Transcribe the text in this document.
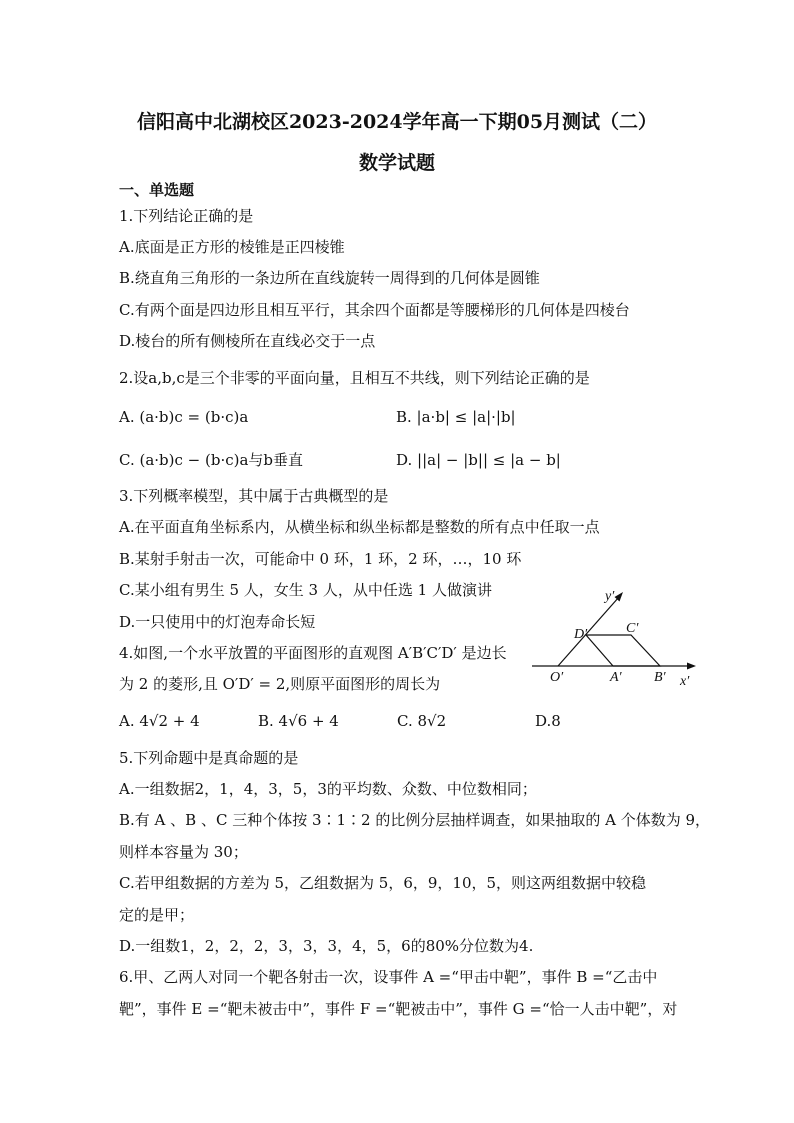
信阳高中北湖校区2023-2024学年高一下期05月测试（二）
数学试题
一、单选题
1.下列结论正确的是
A.底面是正方形的棱锥是正四棱锥
B.绕直角三角形的一条边所在直线旋转一周得到的几何体是圆锥
C.有两个面是四边形且相互平行，其余四个面都是等腰梯形的几何体是四棱台
D.棱台的所有侧棱所在直线必交于一点
2.设a,b,c是三个非零的平面向量，且相互不共线，则下列结论正确的是
A. (a·b)c = (b·c)a	B. |a·b| ≤ |a|·|b|
C. (a·b)c − (b·c)a与b垂直	D. ||a| − |b|| ≤ |a − b|
3.下列概率模型，其中属于古典概型的是
A.在平面直角坐标系内，从横坐标和纵坐标都是整数的所有点中任取一点
B.某射手射击一次，可能命中 0 环，1 环，2 环，…，10 环
C.某小组有男生 5 人，女生 3 人，从中任选 1 人做演讲
D.一只使用中的灯泡寿命长短
4.如图,一个水平放置的平面图形的直观图 A′B′C′D′ 是边长
为 2 的菱形,且 O′D′ = 2,则原平面图形的周长为
y′
x′
O′	A′ B′
C′
D′
A. 4√2 + 4	B. 4√6 + 4	C. 8√2	D.8
5.下列命题中是真命题的是
A.一组数据2，1，4，3，5，3的平均数、众数、中位数相同；
B.有 A 、B 、C 三种个体按 3∶1∶2 的比例分层抽样调查，如果抽取的 A 个体数为 9，
则样本容量为 30；
C.若甲组数据的方差为 5，乙组数据为 5，6，9，10，5，则这两组数据中较稳
定的是甲；
D.一组数1，2，2，2，3，3，3，4，5，6的80%分位数为4.
6.甲、乙两人对同一个靶各射击一次，设事件 A =“甲击中靶”，事件 B =“乙击中
靶”，事件 E =“靶未被击中”，事件 F =“靶被击中”，事件 G =“恰一人击中靶”，对
